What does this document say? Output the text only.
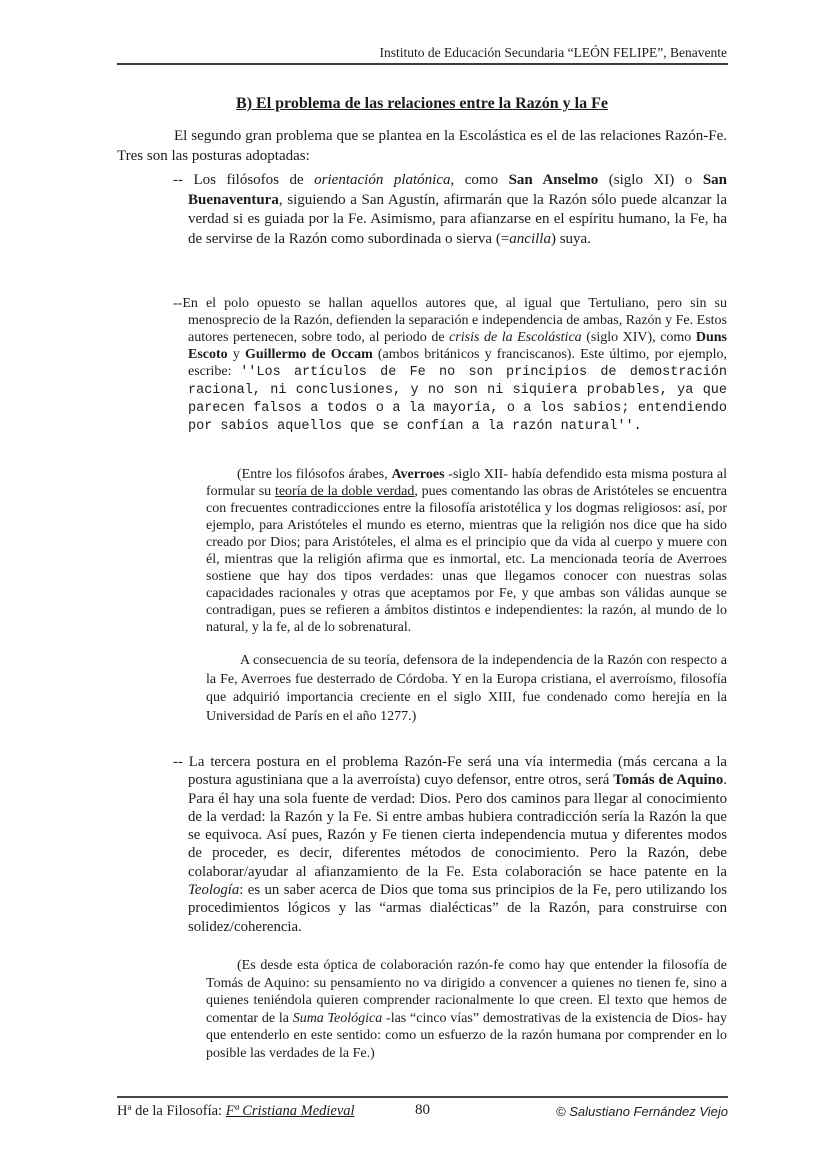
Instituto de Educación Secundaria “LEÓN FELIPE”, Benavente
B) El problema de las relaciones entre la Razón y la Fe
El segundo gran problema que se plantea en la Escolástica es el de las relaciones Razón-Fe. Tres son las posturas adoptadas:
-- Los filósofos de orientación platónica, como San Anselmo (siglo XI) o San Buenaventura, siguiendo a San Agustín, afirmarán que la Razón sólo puede alcanzar la verdad si es guiada por la Fe. Asimismo, para afianzarse en el espíritu humano, la Fe, ha de servirse de la Razón como subordinada o sierva (=ancilla) suya.
--En el polo opuesto se hallan aquellos autores que, al igual que Tertuliano, pero sin su menosprecio de la Razón, defienden la separación e independencia de ambas, Razón y Fe. Estos autores pertenecen, sobre todo, al periodo de crisis de la Escolástica (siglo XIV), como Duns Escoto y Guillermo de Occam (ambos británicos y franciscanos). Este último, por ejemplo, escribe: ''Los artículos de Fe no son principios de demostración racional, ni conclusiones, y no son ni siquiera probables, ya que parecen falsos a todos o a la mayoría, o a los sabios; entendiendo por sabios aquellos que se confían a la razón natural''.
(Entre los filósofos árabes, Averroes -siglo XII- había defendido esta misma postura al formular su teoría de la doble verdad, pues comentando las obras de Aristóteles se encuentra con frecuentes contradicciones entre la filosofía aristotélica y los dogmas religiosos: así, por ejemplo, para Aristóteles el mundo es eterno, mientras que la religión nos dice que ha sido creado por Dios; para Aristóteles, el alma es el principio que da vida al cuerpo y muere con él, mientras que la religión afirma que es inmortal, etc. La mencionada teoría de Averroes sostiene que hay dos tipos verdades: unas que llegamos conocer con nuestras solas capacidades racionales y otras que aceptamos por Fe, y que ambas son válidas aunque se contradigan, pues se refieren a ámbitos distintos e independientes: la razón, al mundo de lo natural, y la fe, al de lo sobrenatural.
A consecuencia de su teoría, defensora de la independencia de la Razón con respecto a la Fe, Averroes fue desterrado de Córdoba. Y en la Europa cristiana, el averroísmo, filosofía que adquirió importancia creciente en el siglo XIII, fue condenado como herejía en la Universidad de París en el año 1277.)
-- La tercera postura en el problema Razón-Fe será una vía intermedia (más cercana a la postura agustiniana que a la averroísta) cuyo defensor, entre otros, será Tomás de Aquino. Para él hay una sola fuente de verdad: Dios. Pero dos caminos para llegar al conocimiento de la verdad: la Razón y la Fe. Si entre ambas hubiera contradicción sería la Razón la que se equivoca. Así pues, Razón y Fe tienen cierta independencia mutua y diferentes modos de proceder, es decir, diferentes métodos de conocimiento. Pero la Razón, debe colaborar/ayudar al afianzamiento de la Fe. Esta colaboración se hace patente en la Teología: es un saber acerca de Dios que toma sus principios de la Fe, pero utilizando los procedimientos lógicos y las “armas dialécticas” de la Razón, para construirse con solidez/coherencia.
(Es desde esta óptica de colaboración razón-fe como hay que entender la filosofía de Tomás de Aquino: su pensamiento no va dirigido a convencer a quienes no tienen fe, sino a quienes teniéndola quieren comprender racionalmente lo que creen. El texto que hemos de comentar de la Suma Teológica -las “cinco vías” demostrativas de la existencia de Dios- hay que entenderlo en este sentido: como un esfuerzo de la razón humana por comprender en lo posible las verdades de la Fe.)
Hª de la Filosofía: Fª Cristiana Medieval	80	© Salustiano Fernández Viejo
